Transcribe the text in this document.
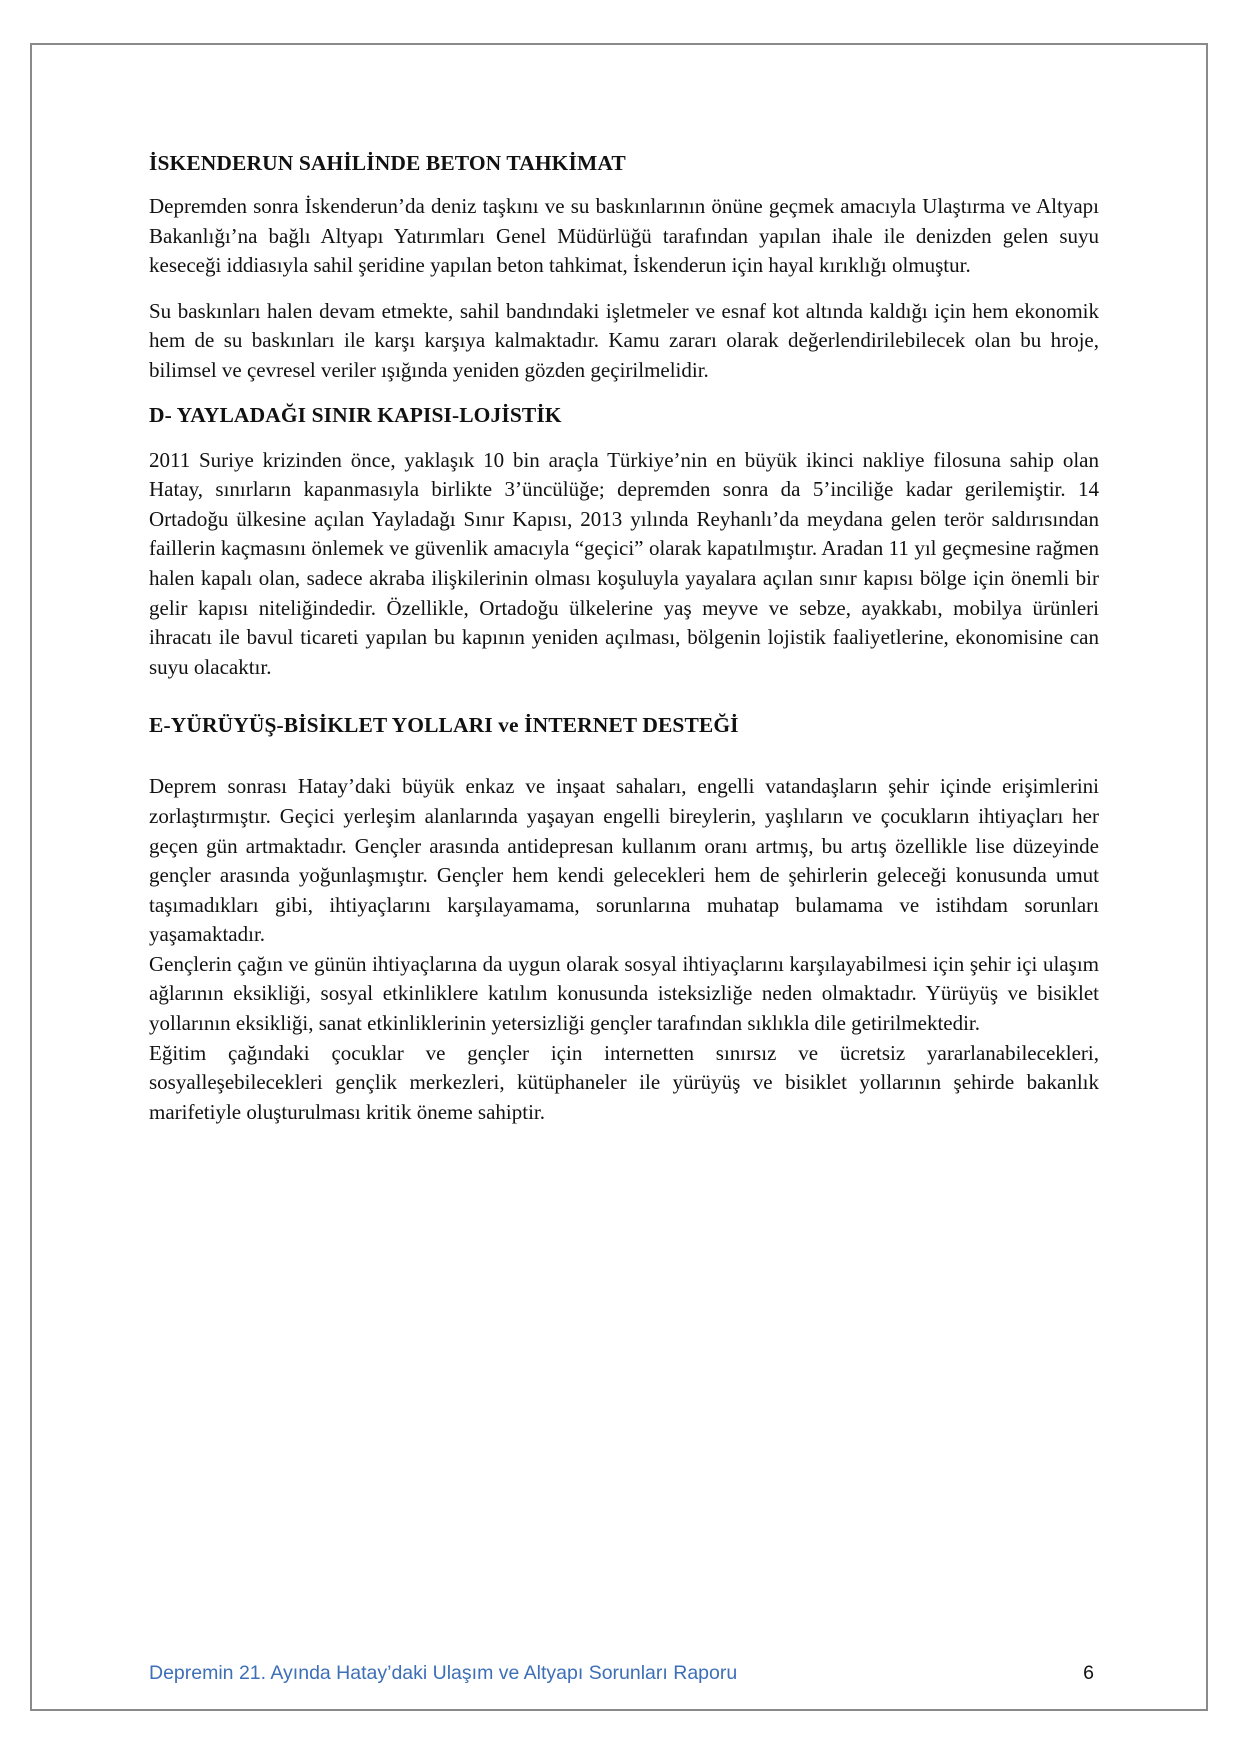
İSKENDERUN SAHİLİNDE BETON TAHKİMAT

Depremden sonra İskenderun’da deniz taşkını ve su baskınlarının önüne geçmek amacıyla Ulaştırma ve Altyapı Bakanlığı’na bağlı Altyapı Yatırımları Genel Müdürlüğü tarafından yapılan ihale ile denizden gelen suyu keseceği iddiasıyla sahil şeridine yapılan beton tahkimat, İskenderun için hayal kırıklığı olmuştur.

Su baskınları halen devam etmekte, sahil bandındaki işletmeler ve esnaf kot altında kaldığı için hem ekonomik hem de su baskınları ile karşı karşıya kalmaktadır. Kamu zararı olarak değerlendirilebilecek olan bu hroje, bilimsel ve çevresel veriler ışığında yeniden gözden geçirilmelidir.

D- YAYLADAĞI SINIR KAPISI-LOJİSTİK

2011 Suriye krizinden önce, yaklaşık 10 bin araçla Türkiye’nin en büyük ikinci nakliye filosuna sahip olan Hatay, sınırların kapanmasıyla birlikte 3’üncülüğe; depremden sonra da 5’inciliğe kadar gerilemiştir. 14 Ortadoğu ülkesine açılan Yayladağı Sınır Kapısı, 2013 yılında Reyhanlı’da meydana gelen terör saldırısından faillerin kaçmasını önlemek ve güvenlik amacıyla “geçici” olarak kapatılmıştır. Aradan 11 yıl geçmesine rağmen halen kapalı olan, sadece akraba ilişkilerinin olması koşuluyla yayalara açılan sınır kapısı bölge için önemli bir gelir kapısı niteliğindedir. Özellikle, Ortadoğu ülkelerine yaş meyve ve sebze, ayakkabı, mobilya ürünleri ihracatı ile bavul ticareti yapılan bu kapının yeniden açılması, bölgenin lojistik faaliyetlerine, ekonomisine can suyu olacaktır.

E-YÜRÜYÜŞ-BİSİKLET YOLLARI ve İNTERNET DESTEĞİ

Deprem sonrası Hatay’daki büyük enkaz ve inşaat sahaları, engelli vatandaşların şehir içinde erişimlerini zorlaştırmıştır. Geçici yerleşim alanlarında yaşayan engelli bireylerin, yaşlıların ve çocukların ihtiyaçları her geçen gün artmaktadır. Gençler arasında antidepresan kullanım oranı artmış, bu artış özellikle lise düzeyinde gençler arasında yoğunlaşmıştır. Gençler hem kendi gelecekleri hem de şehirlerin geleceği konusunda umut taşımadıkları gibi, ihtiyaçlarını karşılayamama, sorunlarına muhatap bulamama ve istihdam sorunları yaşamaktadır.

Gençlerin çağın ve günün ihtiyaçlarına da uygun olarak sosyal ihtiyaçlarını karşılayabilmesi için şehir içi ulaşım ağlarının eksikliği, sosyal etkinliklere katılım konusunda isteksizliğe neden olmaktadır. Yürüyüş ve bisiklet yollarının eksikliği, sanat etkinliklerinin yetersizliği gençler tarafından sıklıkla dile getirilmektedir.

Eğitim çağındaki çocuklar ve gençler için internetten sınırsız ve ücretsiz yararlanabilecekleri, sosyalleşebilecekleri gençlik merkezleri, kütüphaneler ile yürüyüş ve bisiklet yollarının şehirde bakanlık marifetiyle oluşturulması kritik öneme sahiptir.

Depremin 21. Ayında Hatay’daki Ulaşım ve Altyapı Sorunları Raporu	6
